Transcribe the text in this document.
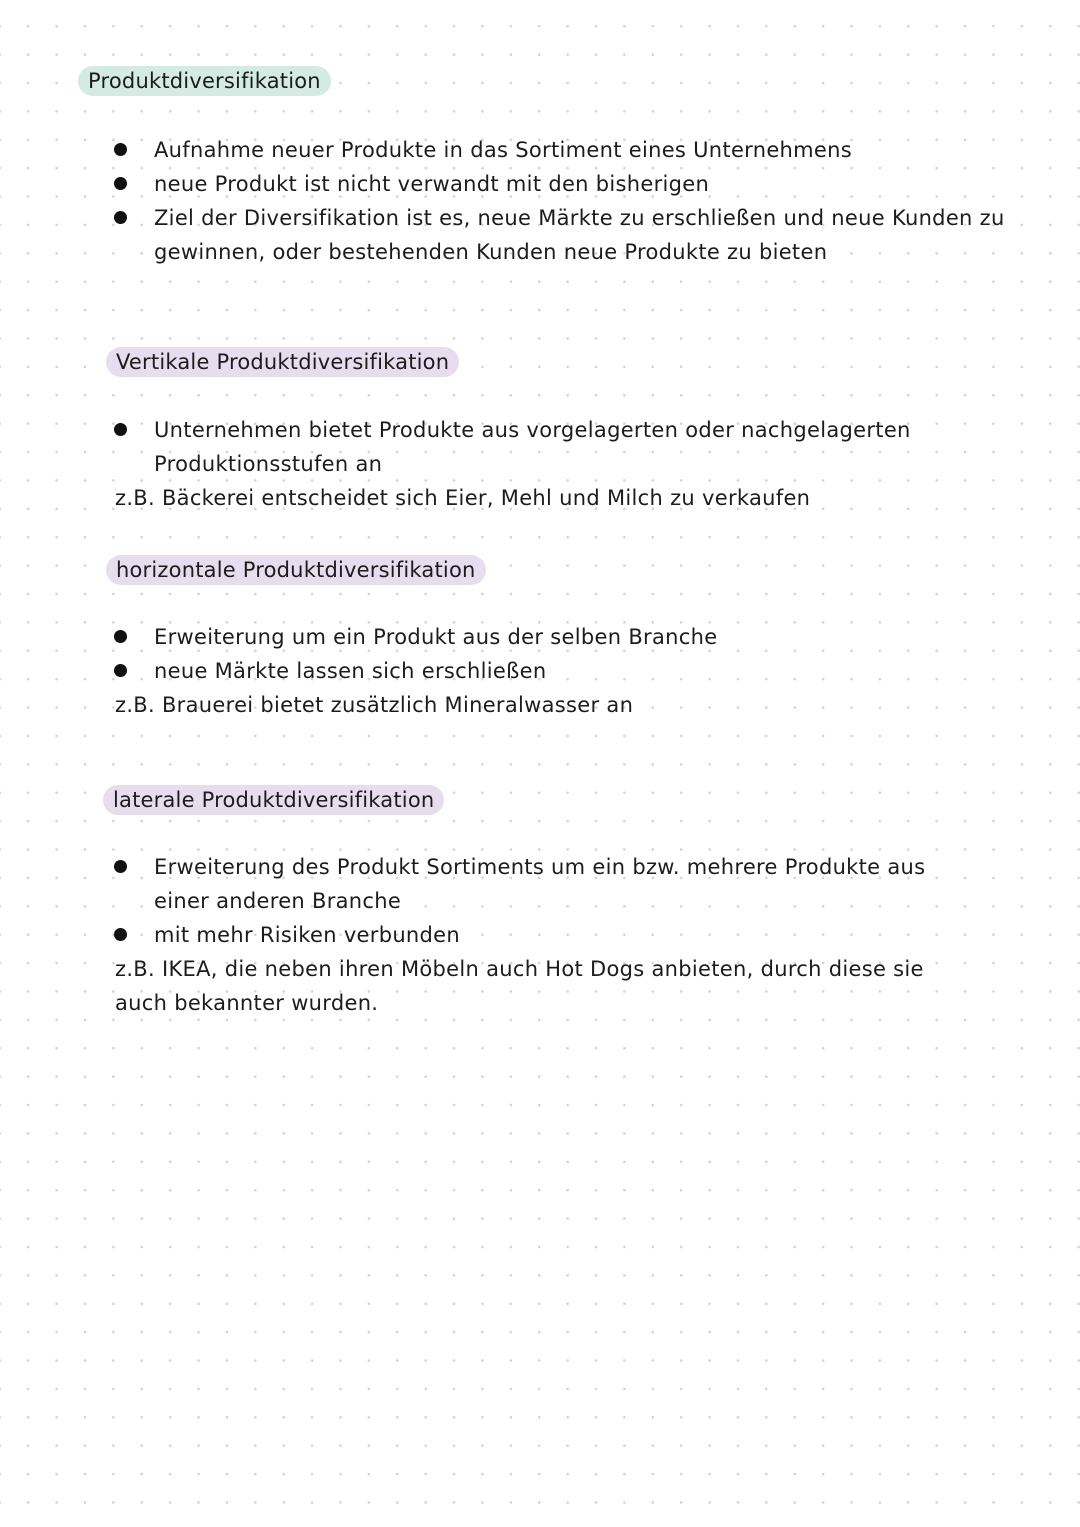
Produktdiversifikation
Aufnahme neuer Produkte in das Sortiment eines Unternehmens
neue Produkt ist nicht verwandt mit den bisherigen
Ziel der Diversifikation ist es, neue Märkte zu erschließen und neue Kunden zu gewinnen, oder bestehenden Kunden neue Produkte zu bieten
Vertikale Produktdiversifikation
Unternehmen bietet Produkte aus vorgelagerten oder nachgelagerten Produktionsstufen an

z.B. Bäckerei entscheidet sich Eier, Mehl und Milch zu verkaufen

horizontale Produktdiversifikation
Erweiterung um ein Produkt aus der selben Branche
neue Märkte lassen sich erschließen

z.B. Brauerei bietet zusätzlich Mineralwasser an

laterale Produktdiversifikation
Erweiterung des Produkt Sortiments um ein bzw. mehrere Produkte aus einer anderen Branche
mit mehr Risiken verbunden

z.B. IKEA, die neben ihren Möbeln auch Hot Dogs anbieten, durch diese sie auch bekannter wurden.
